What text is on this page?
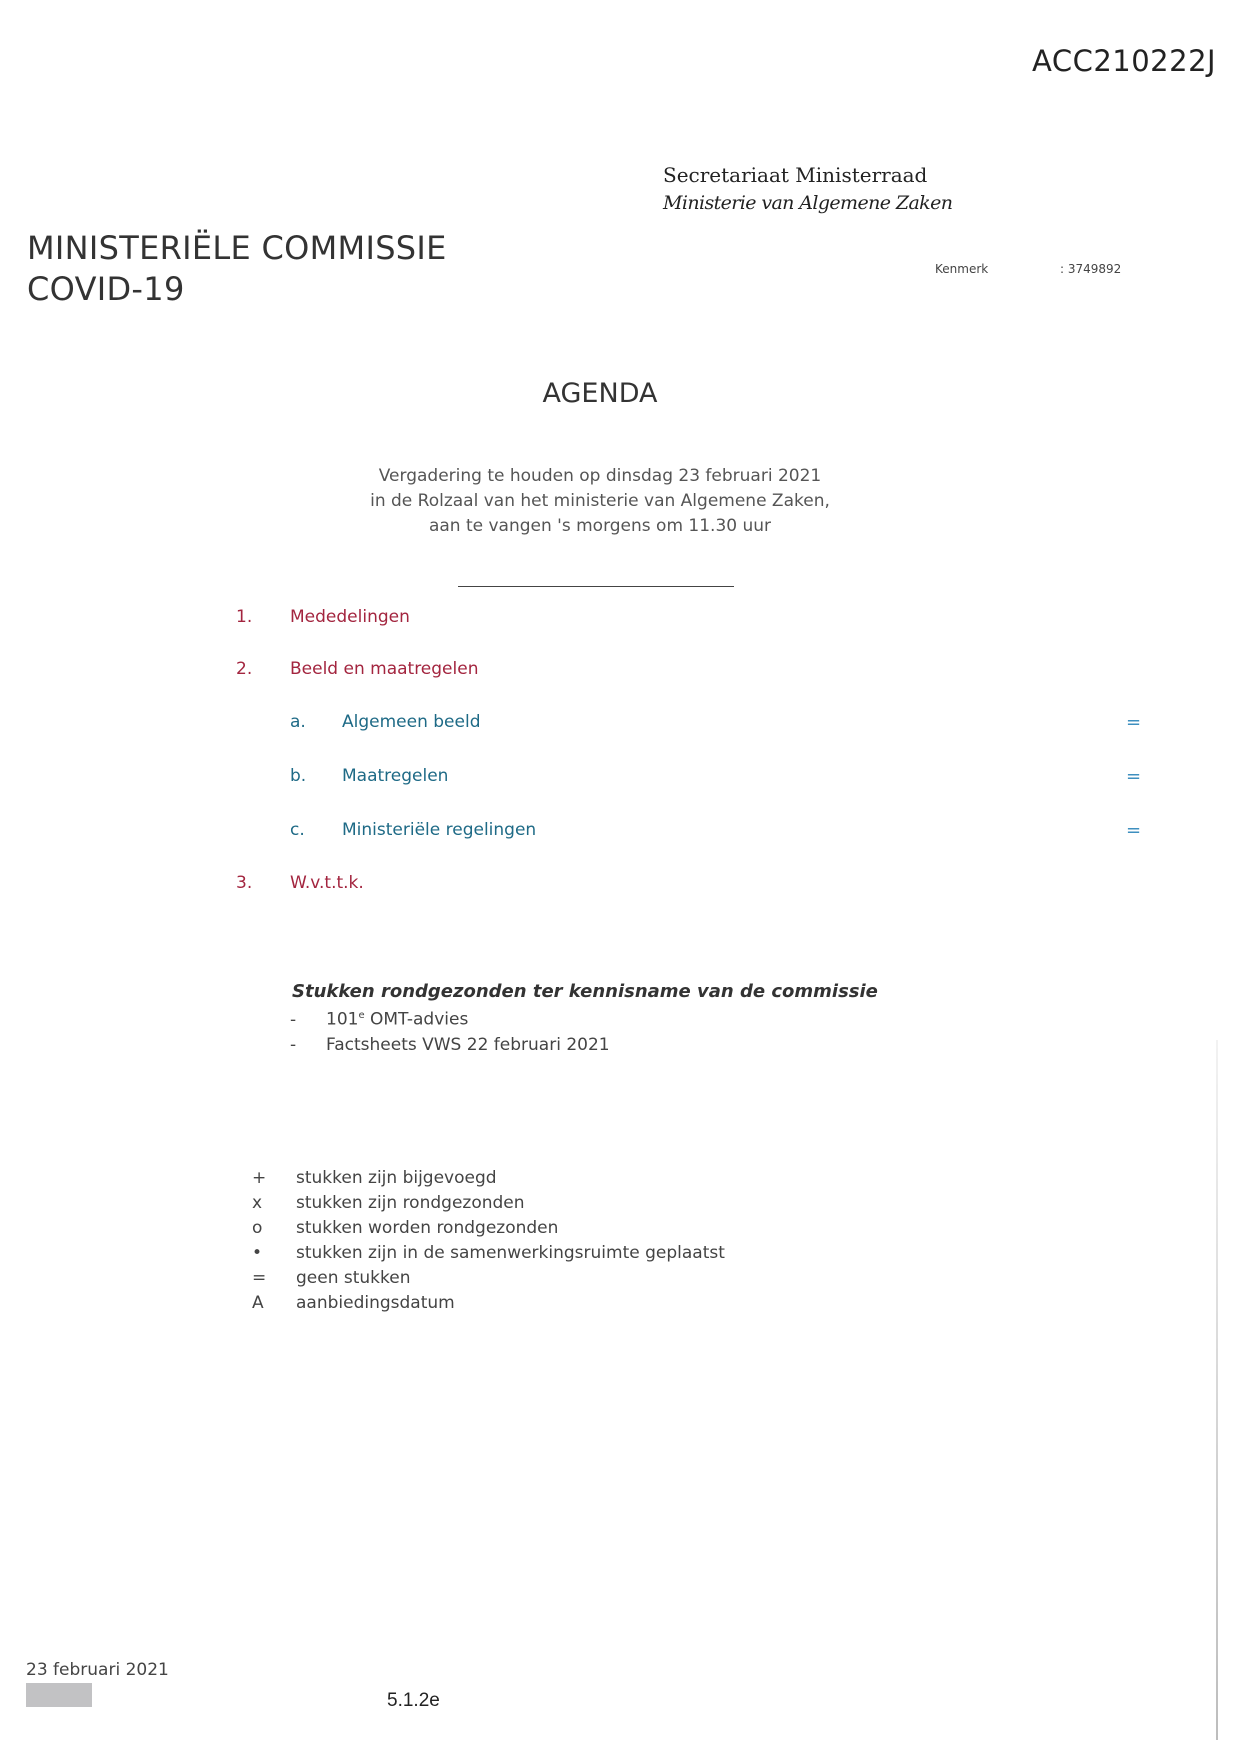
ACC210222J
Secretariaat Ministerraad
Ministerie van Algemene Zaken
MINISTERIËLE COMMISSIE
COVID-19
Kenmerk	: 3749892
AGENDA
Vergadering te houden op dinsdag 23 februari 2021
in de Rolzaal van het ministerie van Algemene Zaken,
aan te vangen 's morgens om 11.30 uur
1. Mededelingen
2. Beeld en maatregelen
a. Algemeen beeld	=
b. Maatregelen	=
c. Ministeriële regelingen	=
3. W.v.t.t.k.
Stukken rondgezonden ter kennisname van de commissie
- 101e OMT-advies
- Factsheets VWS 22 februari 2021
+ stukken zijn bijgevoegd
x stukken zijn rondgezonden
o stukken worden rondgezonden
• stukken zijn in de samenwerkingsruimte geplaatst
= geen stukken
A aanbiedingsdatum
23 februari 2021
5.1.2e
